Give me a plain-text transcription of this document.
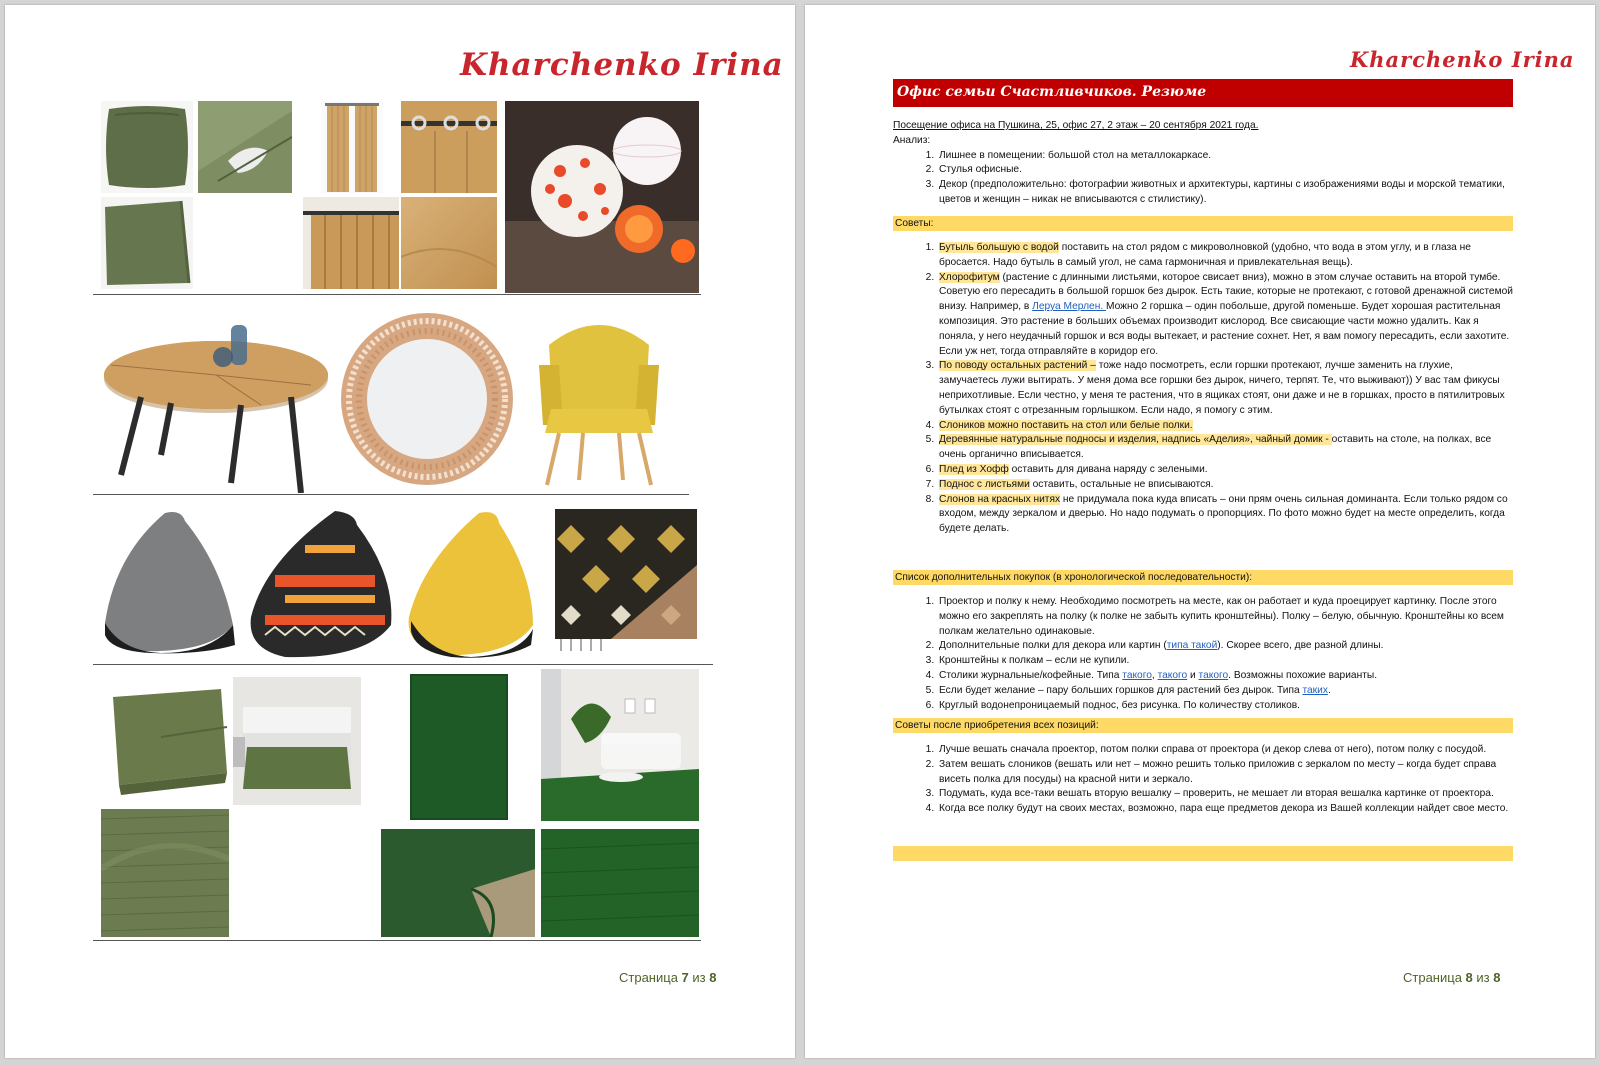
Kharchenko Irina
Страница 7 из 8
Kharchenko Irina
Офис семьи Счастливчиков. Резюме
Посещение офиса на Пушкина, 25, офис 27, 2 этаж – 20 сентября 2021 года.
Анализ:
1. Лишнее в помещении: большой стол на металлокаркасе.
2. Стулья офисные.
3. Декор (предположительно: фотографии животных и архитектуры, картины с изображениями воды и морской тематики, цветов и женщин – никак не вписываются с стилистику).
Советы:
1. Бутыль большую с водой поставить на стол рядом с микроволновкой (удобно, что вода в этом углу, и в глаза не бросается. Надо бутыль в самый угол, не сама гармоничная и привлекательная вещь).
2. Хлорофитум (растение с длинными листьями, которое свисает вниз), можно в этом случае оставить на второй тумбе. Советую его пересадить в большой горшок без дырок. Есть такие, которые не протекают, с готовой дренажной системой внизу. Например, в Леруа Мерлен. Можно 2 горшка – один побольше, другой поменьше. Будет хорошая растительная композиция. Это растение в больших объемах производит кислород. Все свисающие части можно удалить. Как я поняла, у него неудачный горшок и вся воды вытекает, и растение сохнет. Нет, я вам помогу пересадить, если захотите. Если уж нет, тогда отправляйте в коридор его.
3. По поводу остальных растений – тоже надо посмотреть, если горшки протекают, лучше заменить на глухие, замучаетесь лужи вытирать. У меня дома все горшки без дырок, ничего, терпят. Те, что выживают)) У вас там фикусы неприхотливые. Если честно, у меня те растения, что в ящиках стоят, они даже и не в горшках, просто в пятилитровых бутылках стоят с отрезанным горлышком. Если надо, я помогу с этим.
4. Слоников можно поставить на стол или белые полки.
5. Деревянные натуральные подносы и изделия, надпись «Аделия», чайный домик - оставить на столе, на полках, все очень органично вписывается.
6. Плед из Хофф оставить для дивана наряду с зелеными.
7. Поднос с листьями оставить, остальные не вписываются.
8. Слонов на красных нитях не придумала пока куда вписать – они прям очень сильная доминанта. Если только рядом со входом, между зеркалом и дверью. Но надо подумать о пропорциях. По фото можно будет на месте определить, когда будете делать.
Список дополнительных покупок (в хронологической последовательности):
1. Проектор и полку к нему. Необходимо посмотреть на месте, как он работает и куда проецирует картинку. После этого можно его закреплять на полку (к полке не забыть купить кронштейны). Полку – белую, обычную. Кронштейны ко всем полкам желательно одинаковые.
2. Дополнительные полки для декора или картин (типа такой). Скорее всего, две разной длины.
3. Кронштейны к полкам – если не купили.
4. Столики журнальные/кофейные. Типа такого, такого и такого. Возможны похожие варианты.
5. Если будет желание – пару больших горшков для растений без дырок. Типа таких.
6. Круглый водонепроницаемый поднос, без рисунка. По количеству столиков.
Советы после приобретения всех позиций:
1. Лучше вешать сначала проектор, потом полки справа от проектора (и декор слева от него), потом полку с посудой.
2. Затем вешать слоников (вешать или нет – можно решить только приложив с зеркалом по месту – когда будет справа висеть полка для посуды) на красной нити и зеркало.
3. Подумать, куда все-таки вешать вторую вешалку – проверить, не мешает ли вторая вешалка картинке от проектора.
4. Когда все полку будут на своих местах, возможно, пара еще предметов декора из Вашей коллекции найдет свое место.
Страница 8 из 8
